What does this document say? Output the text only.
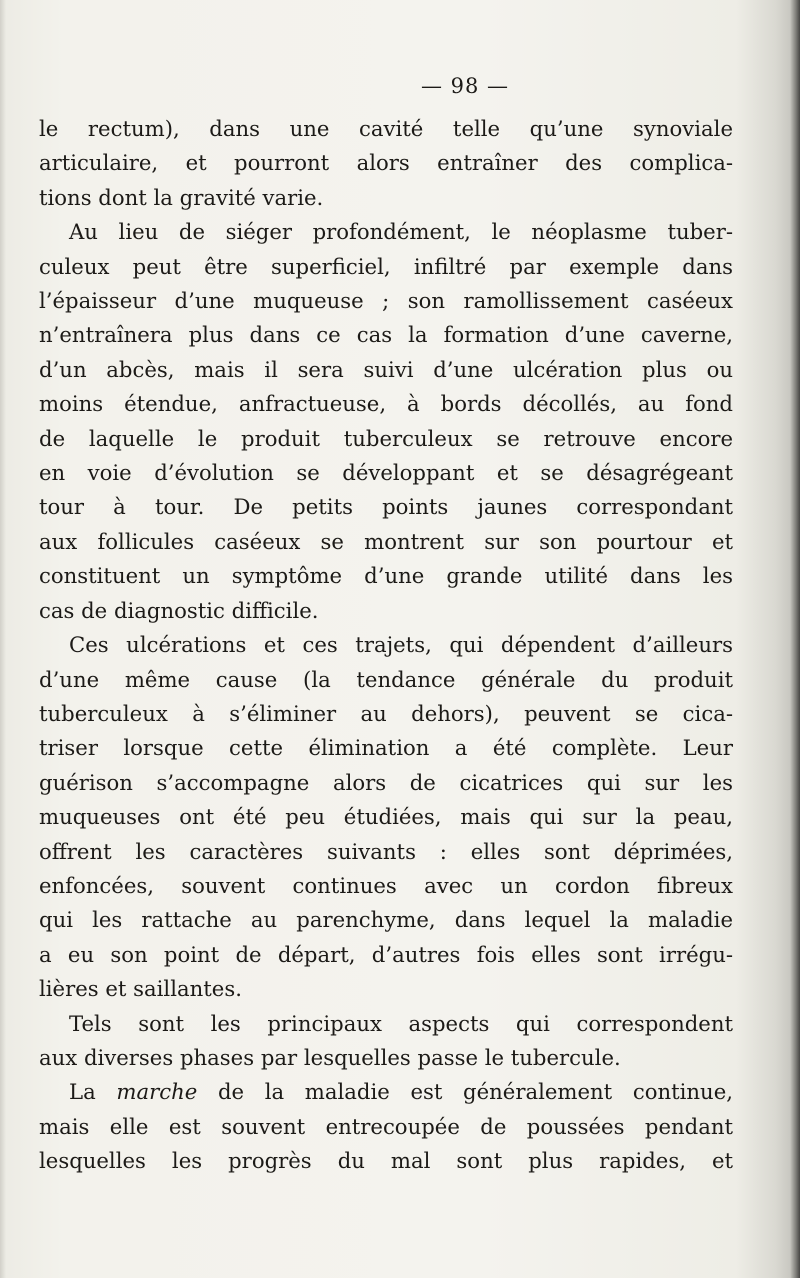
— 98 —
le rectum), dans une cavité telle qu’une synoviale
articulaire, et pourront alors entraîner des complica-
tions dont la gravité varie.
Au lieu de siéger profondément, le néoplasme tuber-
culeux peut être superficiel, infiltré par exemple dans
l’épaisseur d’une muqueuse ; son ramollissement caséeux
n’entraînera plus dans ce cas la formation d’une caverne,
d’un abcès, mais il sera suivi d’une ulcération plus ou
moins étendue, anfractueuse, à bords décollés, au fond
de laquelle le produit tuberculeux se retrouve encore
en voie d’évolution se développant et se désagrégeant
tour à tour. De petits points jaunes correspondant
aux follicules caséeux se montrent sur son pourtour et
constituent un symptôme d’une grande utilité dans les
cas de diagnostic difficile.
Ces ulcérations et ces trajets, qui dépendent d’ailleurs
d’une même cause (la tendance générale du produit
tuberculeux à s’éliminer au dehors), peuvent se cica-
triser lorsque cette élimination a été complète. Leur
guérison s’accompagne alors de cicatrices qui sur les
muqueuses ont été peu étudiées, mais qui sur la peau,
offrent les caractères suivants : elles sont déprimées,
enfoncées, souvent continues avec un cordon fibreux
qui les rattache au parenchyme, dans lequel la maladie
a eu son point de départ, d’autres fois elles sont irrégu-
lières et saillantes.
Tels sont les principaux aspects qui correspondent
aux diverses phases par lesquelles passe le tubercule.
La marche de la maladie est généralement continue,
mais elle est souvent entrecoupée de poussées pendant
lesquelles les progrès du mal sont plus rapides, et
